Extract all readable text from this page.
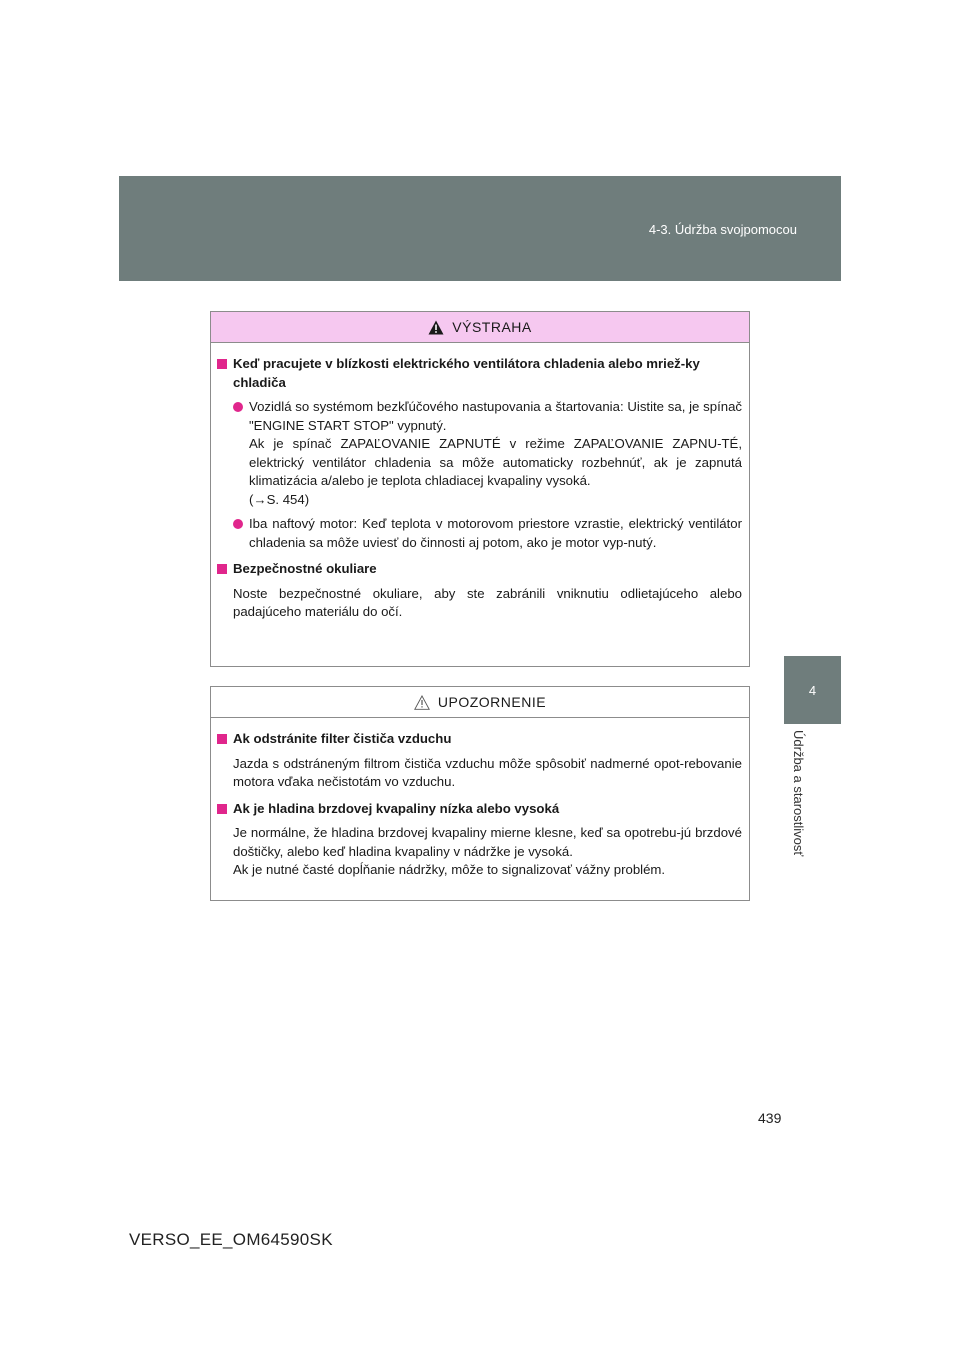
4-3. Údržba svojpomocou
4
Údržba a starostlivosť
VÝSTRAHA
Keď pracujete v blízkosti elektrického ventilátora chladenia alebo mriež-ky chladiča
Vozidlá so systémom bezkľúčového nastupovania a štartovania: Uistite sa, je spínač "ENGINE START STOP" vypnutý.
Ak je spínač ZAPAĽOVANIE ZAPNUTÉ v režime ZAPAĽOVANIE ZAPNU-TÉ, elektrický ventilátor chladenia sa môže automaticky rozbehnúť, ak je zapnutá klimatizácia a/alebo je teplota chladiacej kvapaliny vysoká.
(→S. 454)
Iba naftový motor: Keď teplota v motorovom priestore vzrastie, elektrický ventilátor chladenia sa môže uviesť do činnosti aj potom, ako je motor vyp-nutý.
Bezpečnostné okuliare
Noste bezpečnostné okuliare, aby ste zabránili vniknutiu odlietajúceho alebo padajúceho materiálu do očí.
UPOZORNENIE
Ak odstránite filter čističa vzduchu
Jazda s odstráneným filtrom čističa vzduchu môže spôsobiť nadmerné opot-rebovanie motora vďaka nečistotám vo vzduchu.
Ak je hladina brzdovej kvapaliny nízka alebo vysoká
Je normálne, že hladina brzdovej kvapaliny mierne klesne, keď sa opotrebu-jú brzdové doštičky, alebo keď hladina kvapaliny v nádržke je vysoká.
Ak je nutné časté dopĺňanie nádržky, môže to signalizovať vážny problém.
439
VERSO_EE_OM64590SK
